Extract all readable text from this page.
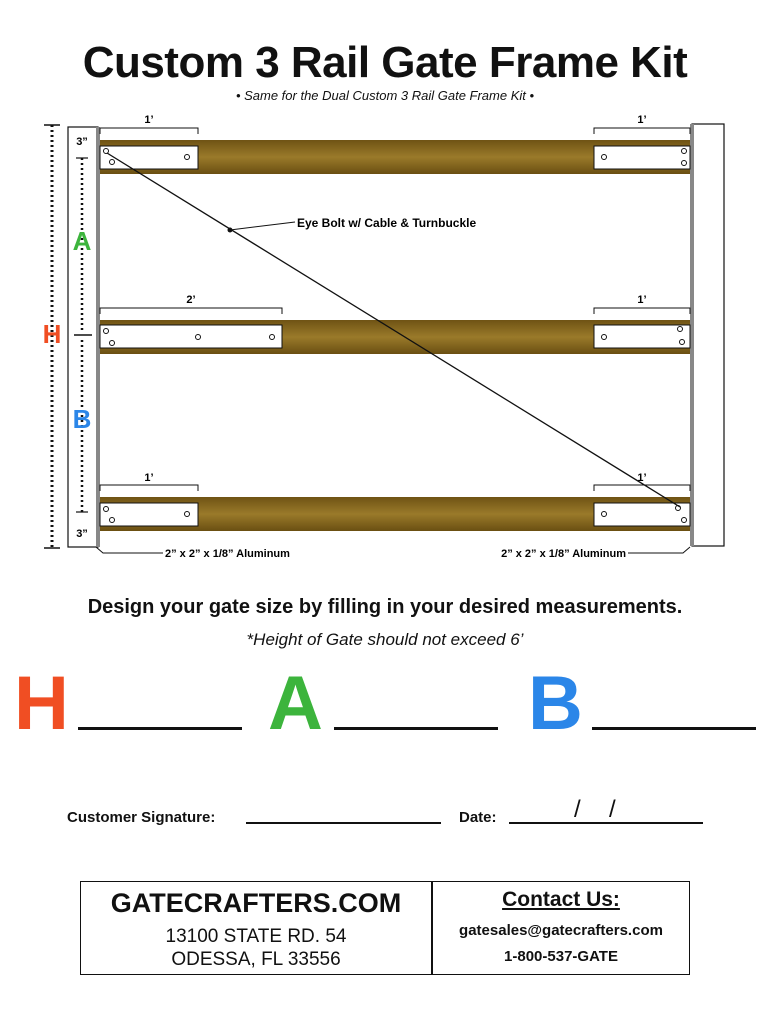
Custom 3 Rail Gate Frame Kit
• Same for the Dual Custom 3 Rail Gate Frame Kit •
H
A
B
3”
3”
1’	1’
2’	1’
1’	1’
Eye Bolt w/ Cable & Turnbuckle
2” x 2” x 1/8” Aluminum	2” x 2” x 1/8” Aluminum
Design your gate size by filling in your desired measurements.
*Height of Gate should not exceed 6’
H	A	B
Customer Signature:	Date:	/ /
GATECRAFTERS.COM
13100 STATE RD. 54
ODESSA, FL 33556
Contact Us:
gatesales@gatecrafters.com
1-800-537-GATE
